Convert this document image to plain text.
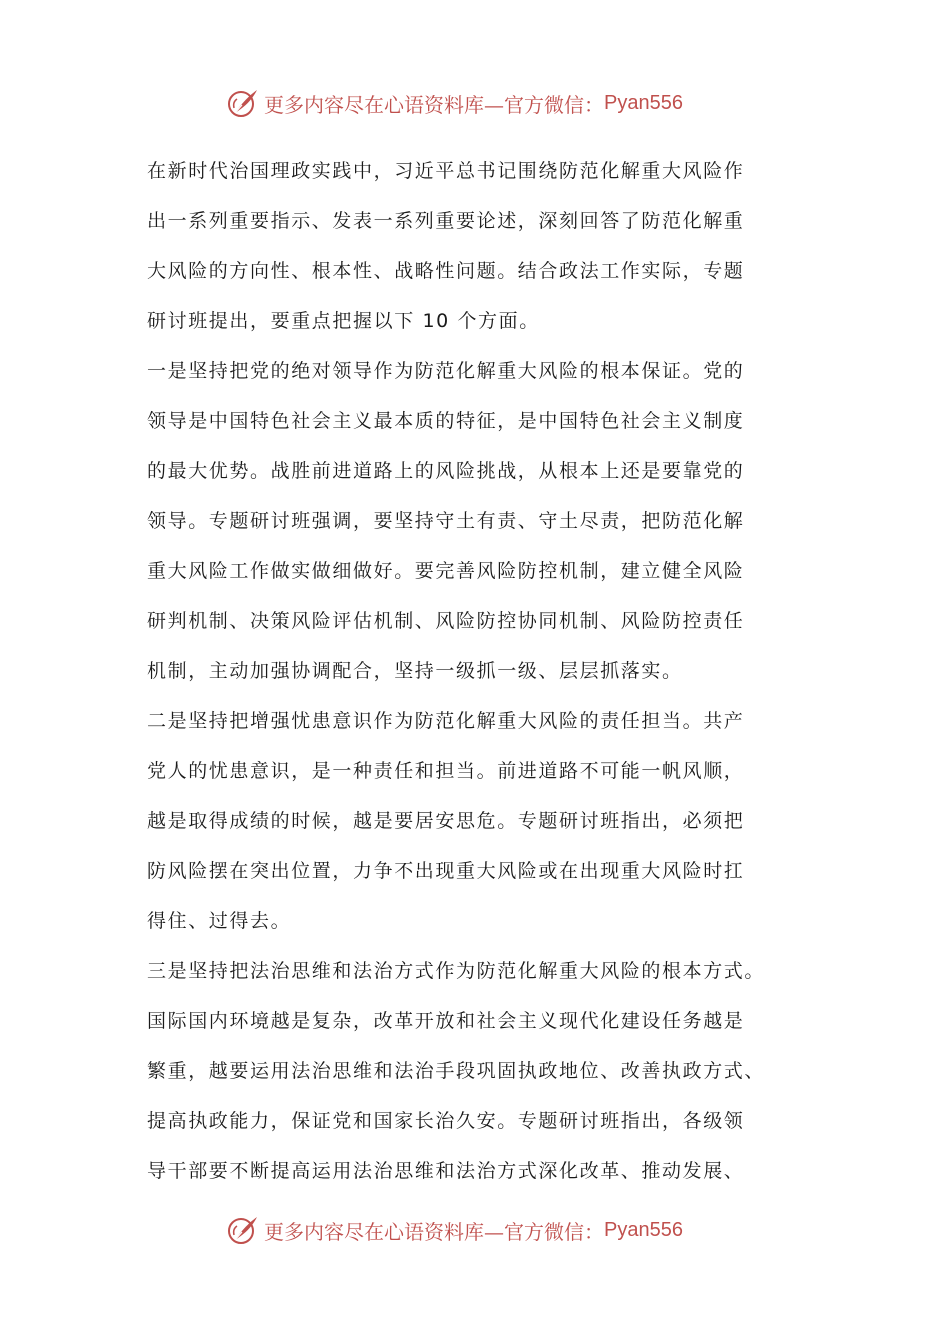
更多内容尽在心语资料库—官方微信： Pyan556
在新时代治国理政实践中，习近平总书记围绕防范化解重大风险作
出一系列重要指示、发表一系列重要论述，深刻回答了防范化解重
大风险的方向性、根本性、战略性问题。结合政法工作实际，专题
研讨班提出，要重点把握以下 10 个方面。
一是坚持把党的绝对领导作为防范化解重大风险的根本保证。党的
领导是中国特色社会主义最本质的特征，是中国特色社会主义制度
的最大优势。战胜前进道路上的风险挑战，从根本上还是要靠党的
领导。专题研讨班强调，要坚持守土有责、守土尽责，把防范化解
重大风险工作做实做细做好。要完善风险防控机制，建立健全风险
研判机制、决策风险评估机制、风险防控协同机制、风险防控责任
机制，主动加强协调配合，坚持一级抓一级、层层抓落实。
二是坚持把增强忧患意识作为防范化解重大风险的责任担当。共产
党人的忧患意识，是一种责任和担当。前进道路不可能一帆风顺，
越是取得成绩的时候，越是要居安思危。专题研讨班指出，必须把
防风险摆在突出位置，力争不出现重大风险或在出现重大风险时扛
得住、过得去。
三是坚持把法治思维和法治方式作为防范化解重大风险的根本方式。
国际国内环境越是复杂，改革开放和社会主义现代化建设任务越是
繁重，越要运用法治思维和法治手段巩固执政地位、改善执政方式、
提高执政能力，保证党和国家长治久安。专题研讨班指出，各级领
导干部要不断提高运用法治思维和法治方式深化改革、推动发展、
更多内容尽在心语资料库—官方微信： Pyan556
